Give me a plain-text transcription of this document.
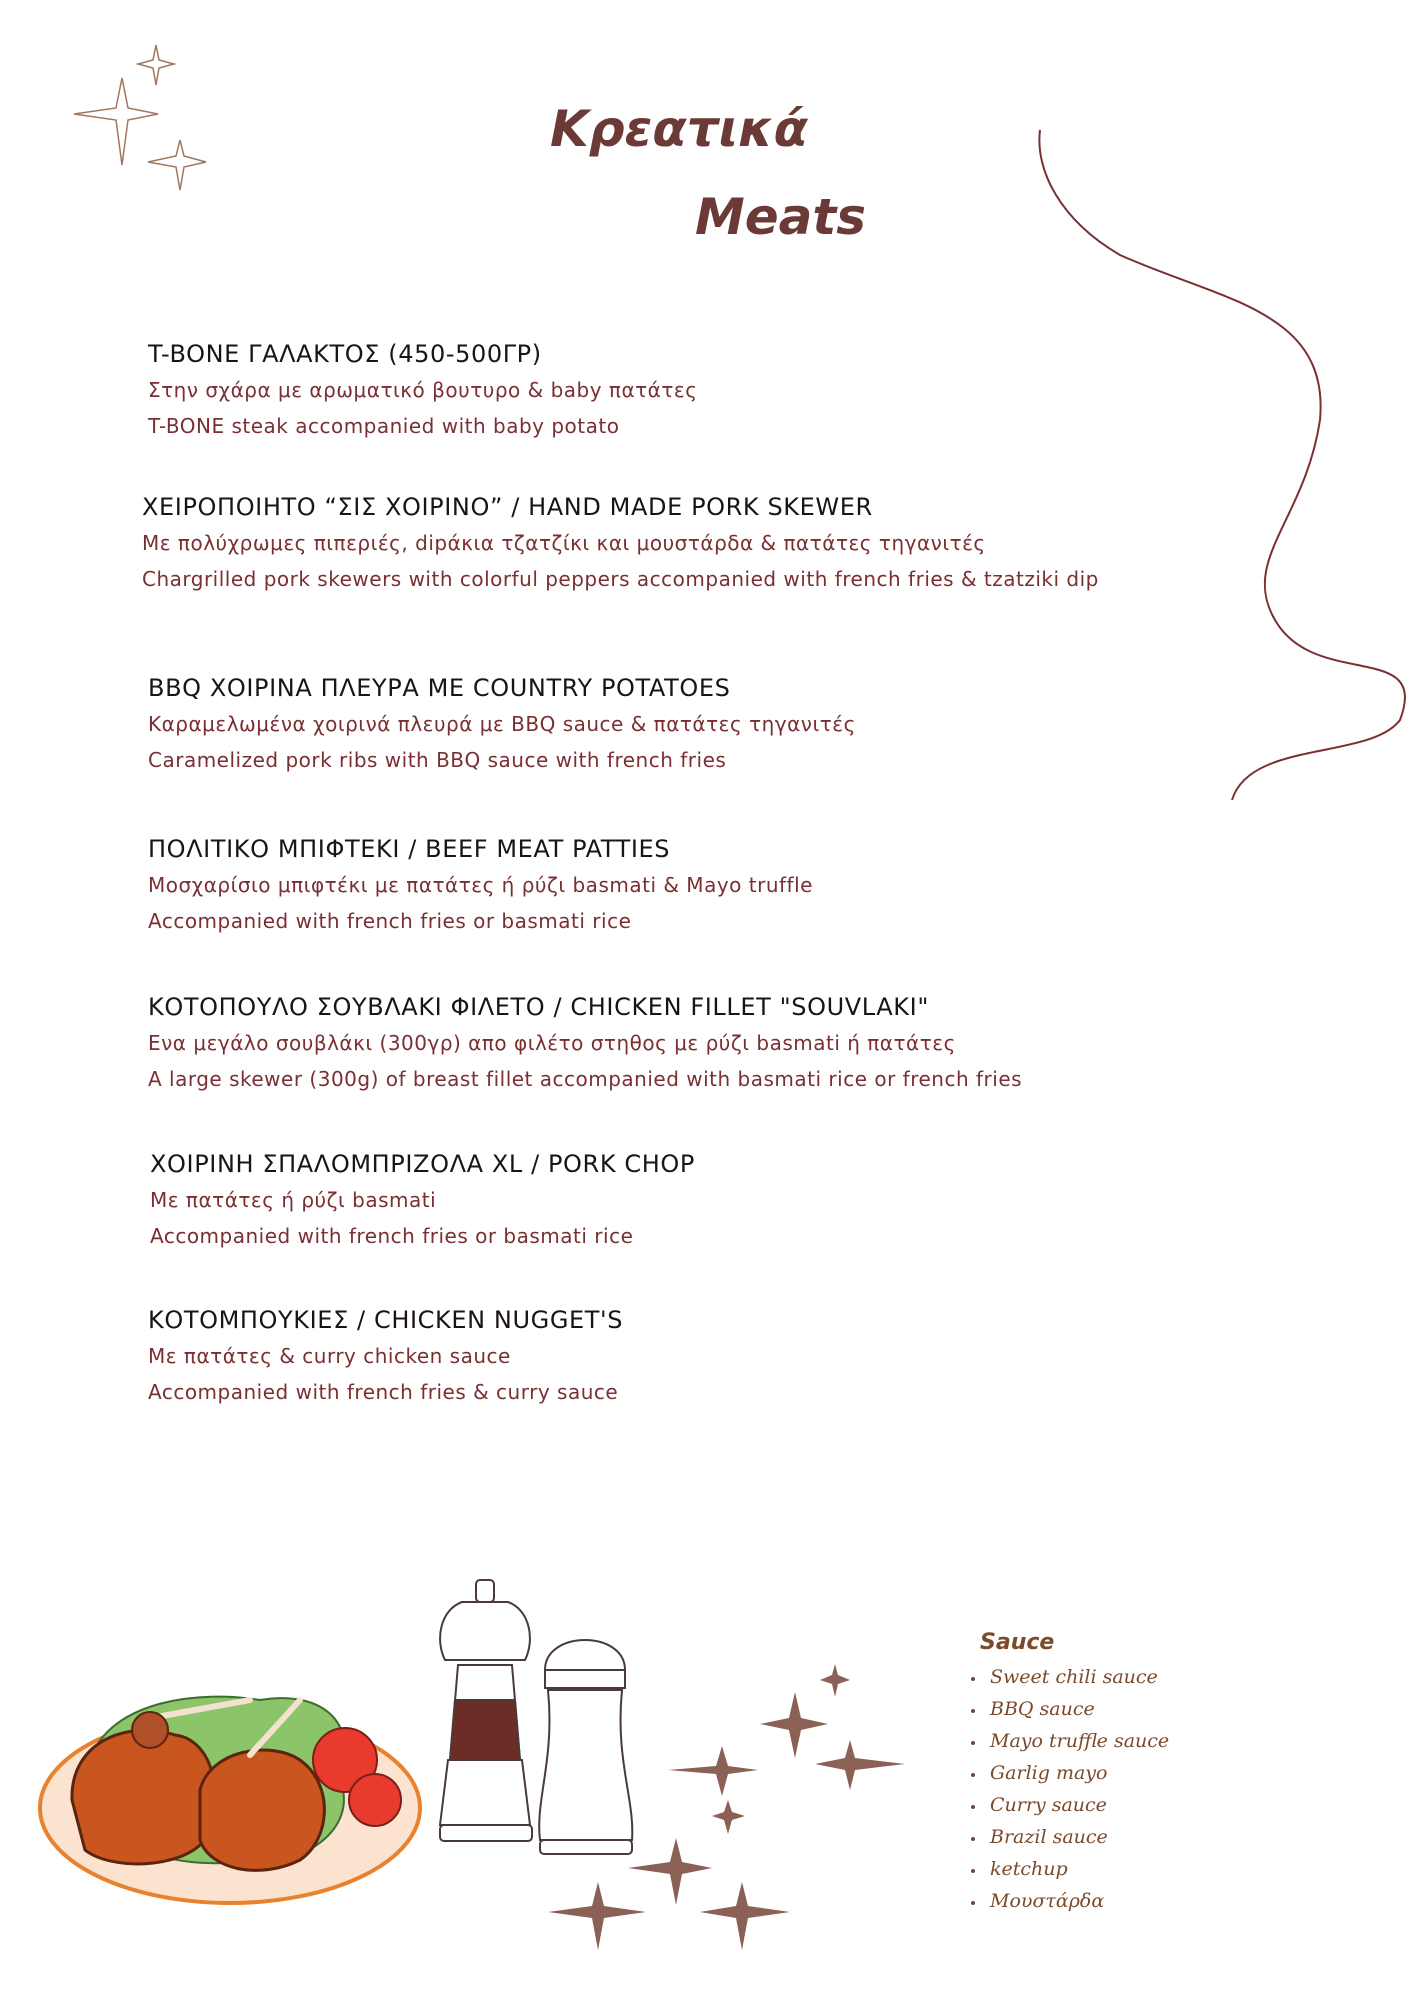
Κρεατικά
Meats

T-BONE ΓΑΛΑΚΤΟΣ (450-500ΓΡ)

Στην σχάρα με αρωματικό βουτυρο & baby πατάτες

T-BONE steak accompanied with baby potato

ΧΕΙΡΟΠΟΙΗΤΟ “ΣΙΣ ΧΟΙΡΙΝΟ” / HAND MADE PORK SKEWER

Με πολύχρωμες πιπεριές, dipάκια τζατζίκι και μουστάρδα & πατάτες τηγανιτές

Chargrilled pork skewers with colorful peppers accompanied with french fries & tzatziki dip

BBQ ΧΟΙΡΙΝΑ ΠΛΕΥΡΑ ΜΕ COUNTRY POTATOES

Καραμελωμένα χοιρινά πλευρά με BBQ sauce & πατάτες τηγανιτές

Caramelized pork ribs with BBQ sauce with french fries

ΠΟΛΙΤΙΚΟ ΜΠΙΦΤΕΚΙ / BEEF MEAT PATTIES

Μοσχαρίσιο μπιφτέκι με πατάτες ή ρύζι basmati & Mayo truffle

Accompanied with french fries or basmati rice

ΚΟΤΟΠΟΥΛΟ ΣΟΥΒΛΑΚΙ ΦΙΛΕΤΟ / CHICKEN FILLET "SOUVLAKI"

Ενα μεγάλο σουβλάκι (300γρ) απο φιλέτο στηθος με ρύζι basmati ή πατάτες

A large skewer (300g) of breast fillet accompanied with basmati rice or french fries

ΧΟΙΡΙΝΗ ΣΠΑΛΟΜΠΡΙΖΟΛΑ XL / PORK CHOP

Με πατάτες ή ρύζι basmati

Accompanied with french fries or basmati rice

ΚΟΤΟΜΠΟΥΚΙΕΣ / CHICKEN NUGGET'S

Με πατάτες & curry chicken sauce

Accompanied with french fries & curry sauce

Sauce

• Sweet chili sauce
• BBQ sauce
• Mayo truffle sauce
• Garlig mayo
• Curry sauce
• Brazil sauce
• ketchup
• Μουστάρδα
